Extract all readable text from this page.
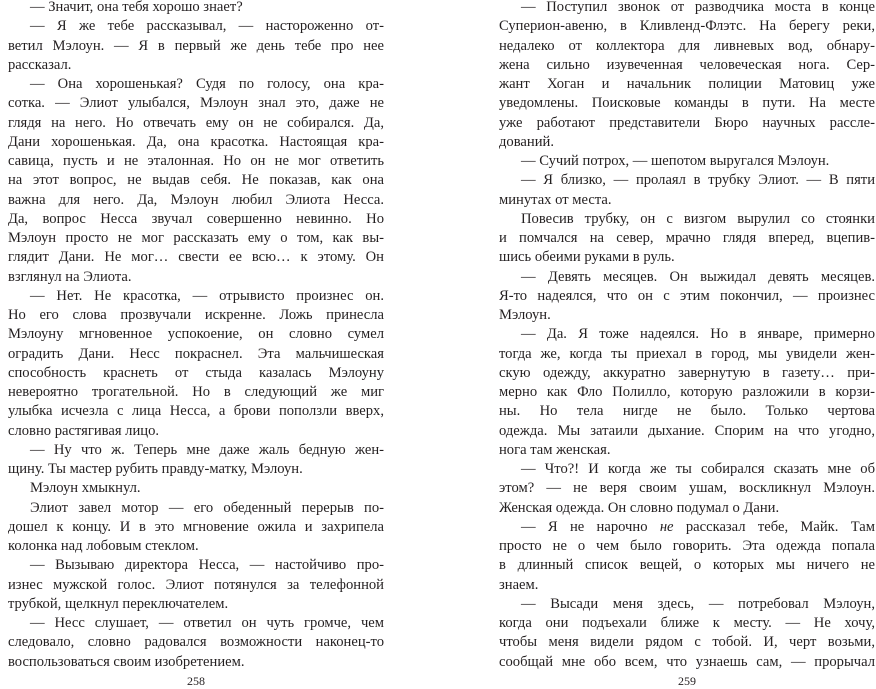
— Значит, она тебя хорошо знает?
— Я же тебе рассказывал, — настороженно от-
ветил Мэлоун. — Я в первый же день тебе про нее
рассказал.
— Она хорошенькая? Судя по голосу, она кра-
сотка. — Элиот улыбался, Мэлоун знал это, даже не
глядя на него. Но отвечать ему он не собирался. Да,
Дани хорошенькая. Да, она красотка. Настоящая кра-
савица, пусть и не эталонная. Но он не мог ответить
на этот вопрос, не выдав себя. Не показав, как она
важна для него. Да, Мэлоун любил Элиота Несса.
Да, вопрос Несса звучал совершенно невинно. Но
Мэлоун просто не мог рассказать ему о том, как вы-
глядит Дани. Не мог… свести ее всю… к этому. Он
взглянул на Элиота.
— Нет. Не красотка, — отрывисто произнес он.
Но его слова прозвучали искренне. Ложь принесла
Мэлоуну мгновенное успокоение, он словно сумел
оградить Дани. Несс покраснел. Эта мальчишеская
способность краснеть от стыда казалась Мэлоуну
невероятно трогательной. Но в следующий же миг
улыбка исчезла с лица Несса, а брови поползли вверх,
словно растягивая лицо.
— Ну что ж. Теперь мне даже жаль бедную жен-
щину. Ты мастер рубить правду-матку, Мэлоун.
Мэлоун хмыкнул.
Элиот завел мотор — его обеденный перерыв по-
дошел к концу. И в это мгновение ожила и захрипела
колонка над лобовым стеклом.
— Вызываю директора Несса, — настойчиво про-
изнес мужской голос. Элиот потянулся за телефонной
трубкой, щелкнул переключателем.
— Несс слушает, — ответил он чуть громче, чем
следовало, словно радовался возможности наконец-то
воспользоваться своим изобретением.
258
— Поступил звонок от разводчика моста в конце
Суперион-авеню, в Кливленд-Флэтс. На берегу реки,
недалеко от коллектора для ливневых вод, обнару-
жена сильно изувеченная человеческая нога. Сер-
жант Хоган и начальник полиции Матовиц уже
уведомлены. Поисковые команды в пути. На месте
уже работают представители Бюро научных рассле-
дований.
— Сучий потрох, — шепотом выругался Мэлоун.
— Я близко, — пролаял в трубку Элиот. — В пяти
минутах от места.
Повесив трубку, он с визгом вырулил со стоянки
и помчался на север, мрачно глядя вперед, вцепив-
шись обеими руками в руль.
— Девять месяцев. Он выжидал девять месяцев.
Я-то надеялся, что он с этим покончил, — произнес
Мэлоун.
— Да. Я тоже надеялся. Но в январе, примерно
тогда же, когда ты приехал в город, мы увидели жен-
скую одежду, аккуратно завернутую в газету… при-
мерно как Фло Полилло, которую разложили в корзи-
ны. Но тела нигде не было. Только чертова
одежда. Мы затаили дыхание. Спорим на что угодно,
нога там женская.
— Что?! И когда же ты собирался сказать мне об
этом? — не веря своим ушам, воскликнул Мэлоун.
Женская одежда. Он словно подумал о Дани.
— Я не нарочно не рассказал тебе, Майк. Там
просто не о чем было говорить. Эта одежда попала
в длинный список вещей, о которых мы ничего не
знаем.
— Высади меня здесь, — потребовал Мэлоун,
когда они подъехали ближе к месту. — Не хочу,
чтобы меня видели рядом с тобой. И, черт возьми,
сообщай мне обо всем, что узнаешь сам, — прорычал
259
